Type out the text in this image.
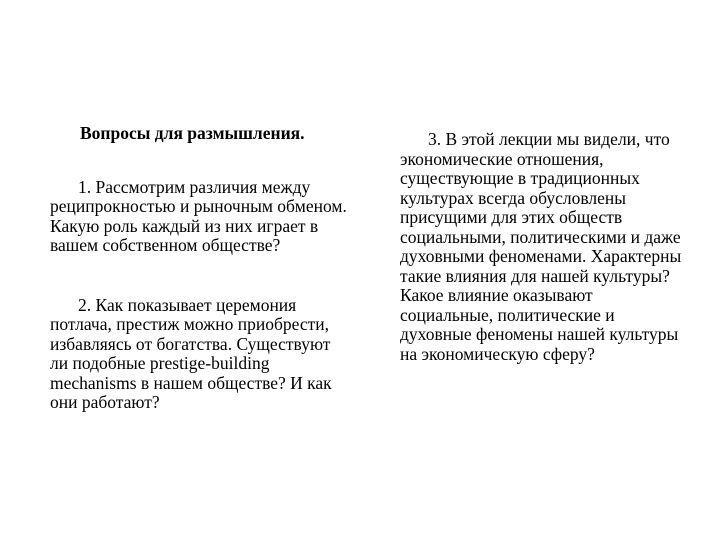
Вопросы для размышления.

1. Рассмотрим различия между реципрокностью и рыночным обменом. Какую роль каждый из них играет в вашем собственном обществе?

2. Как показывает церемония потлача, престиж можно приобрести, избавляясь от богатства. Существуют ли подобные prestige-building mechanisms в нашем обществе? И как они работают?

3. В этой лекции мы видели, что экономические отношения, существующие в традиционных культурах всегда обусловлены присущими для этих обществ социальными, политическими и даже духовными феноменами. Характерны такие влияния для нашей культуры? Какое влияние оказывают социальные, политические и духовные феномены нашей культуры на экономическую сферу?
